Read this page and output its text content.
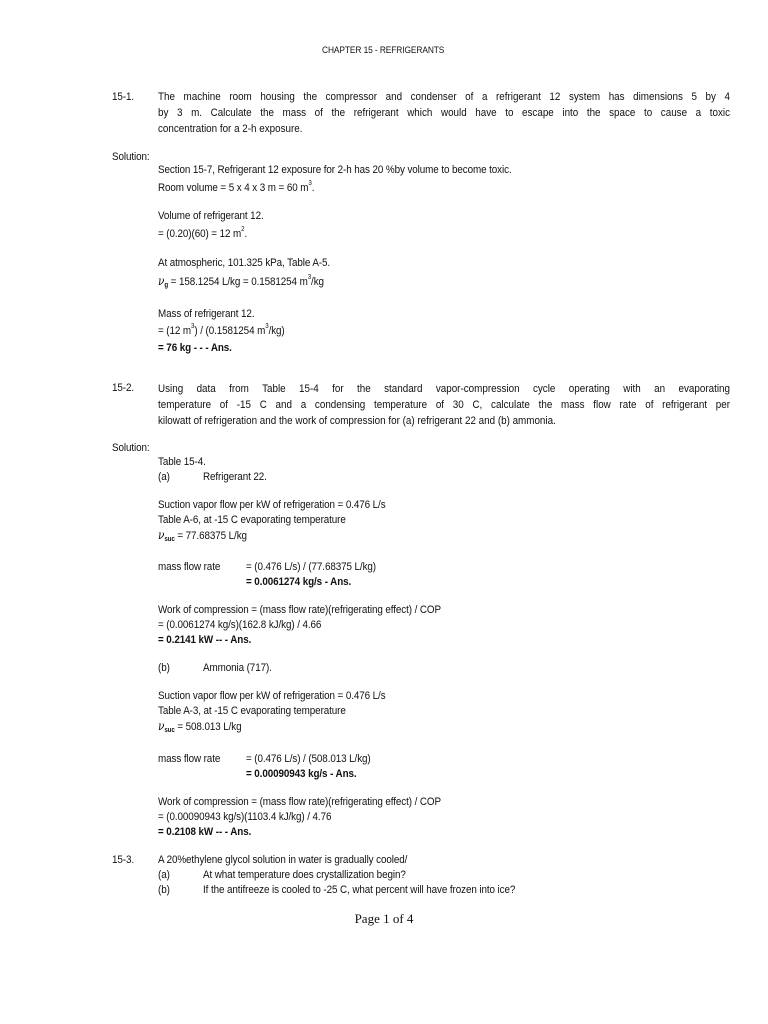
CHAPTER 15 - REFRIGERANTS
15-1. The machine room housing the compressor and condenser of a refrigerant 12 system has dimensions 5 by 4
by 3 m. Calculate the mass of the refrigerant which would have to escape into the space to cause a toxic
concentration for a 2-h exposure.
Solution:
Section 15-7, Refrigerant 12 exposure for 2-h has 20 %by volume to become toxic.
Room volume = 5 x 4 x 3 m = 60 $m^3$.
Volume of refrigerant 12.
= (0.20)(60) = 12 $m^2$.
At atmospheric, 101.325 kPa, Table A-5.
$\nu_g = 158.1254$ L/kg = 0.1581254 $m^3/kg$
Mass of refrigerant 12.
= (12 $m^3) / (0.1581254$ $m^3/kg$)
= 76 kg - - - Ans.
15-2. Using data from Table 15-4 for the standard vapor-compression cycle operating with an evaporating
temperature of -15 C and a condensing temperature of 30 C, calculate the mass flow rate of refrigerant per
kilowatt of refrigeration and the work of compression for (a) refrigerant 22 and (b) ammonia.
Solution:
Table 15-4.
(a)	Refrigerant 22.
Suction vapor flow per kW of refrigeration = 0.476 L/s
Table A-6, at -15 C evaporating temperature
$\nu_{suc} = 77.68375$ L/kg
mass flow rate = (0.476 L/s) / (77.68375 L/kg)
= 0.0061274 kg/s - Ans.
Work of compression = (mass flow rate)(refrigerating effect) / COP
= (0.0061274 kg/s)(162.8 kJ/kg) / 4.66
= 0.2141 kW -- - Ans.
(b)	Ammonia (717).
Suction vapor flow per kW of refrigeration = 0.476 L/s
Table A-3, at -15 C evaporating temperature
$\nu_{suc} = 508.013$ L/kg
mass flow rate = (0.476 L/s) / (508.013 L/kg)
= 0.00090943 kg/s - Ans.
Work of compression = (mass flow rate)(refrigerating effect) / COP
= (0.00090943 kg/s)(1103.4 kJ/kg) / 4.76
= 0.2108 kW -- - Ans.
15-3. A 20%ethylene glycol solution in water is gradually cooled/
(a)	At what temperature does crystallization begin?
(b)	If the antifreeze is cooled to -25 C, what percent will have frozen into ice?
Page 1 of 4
